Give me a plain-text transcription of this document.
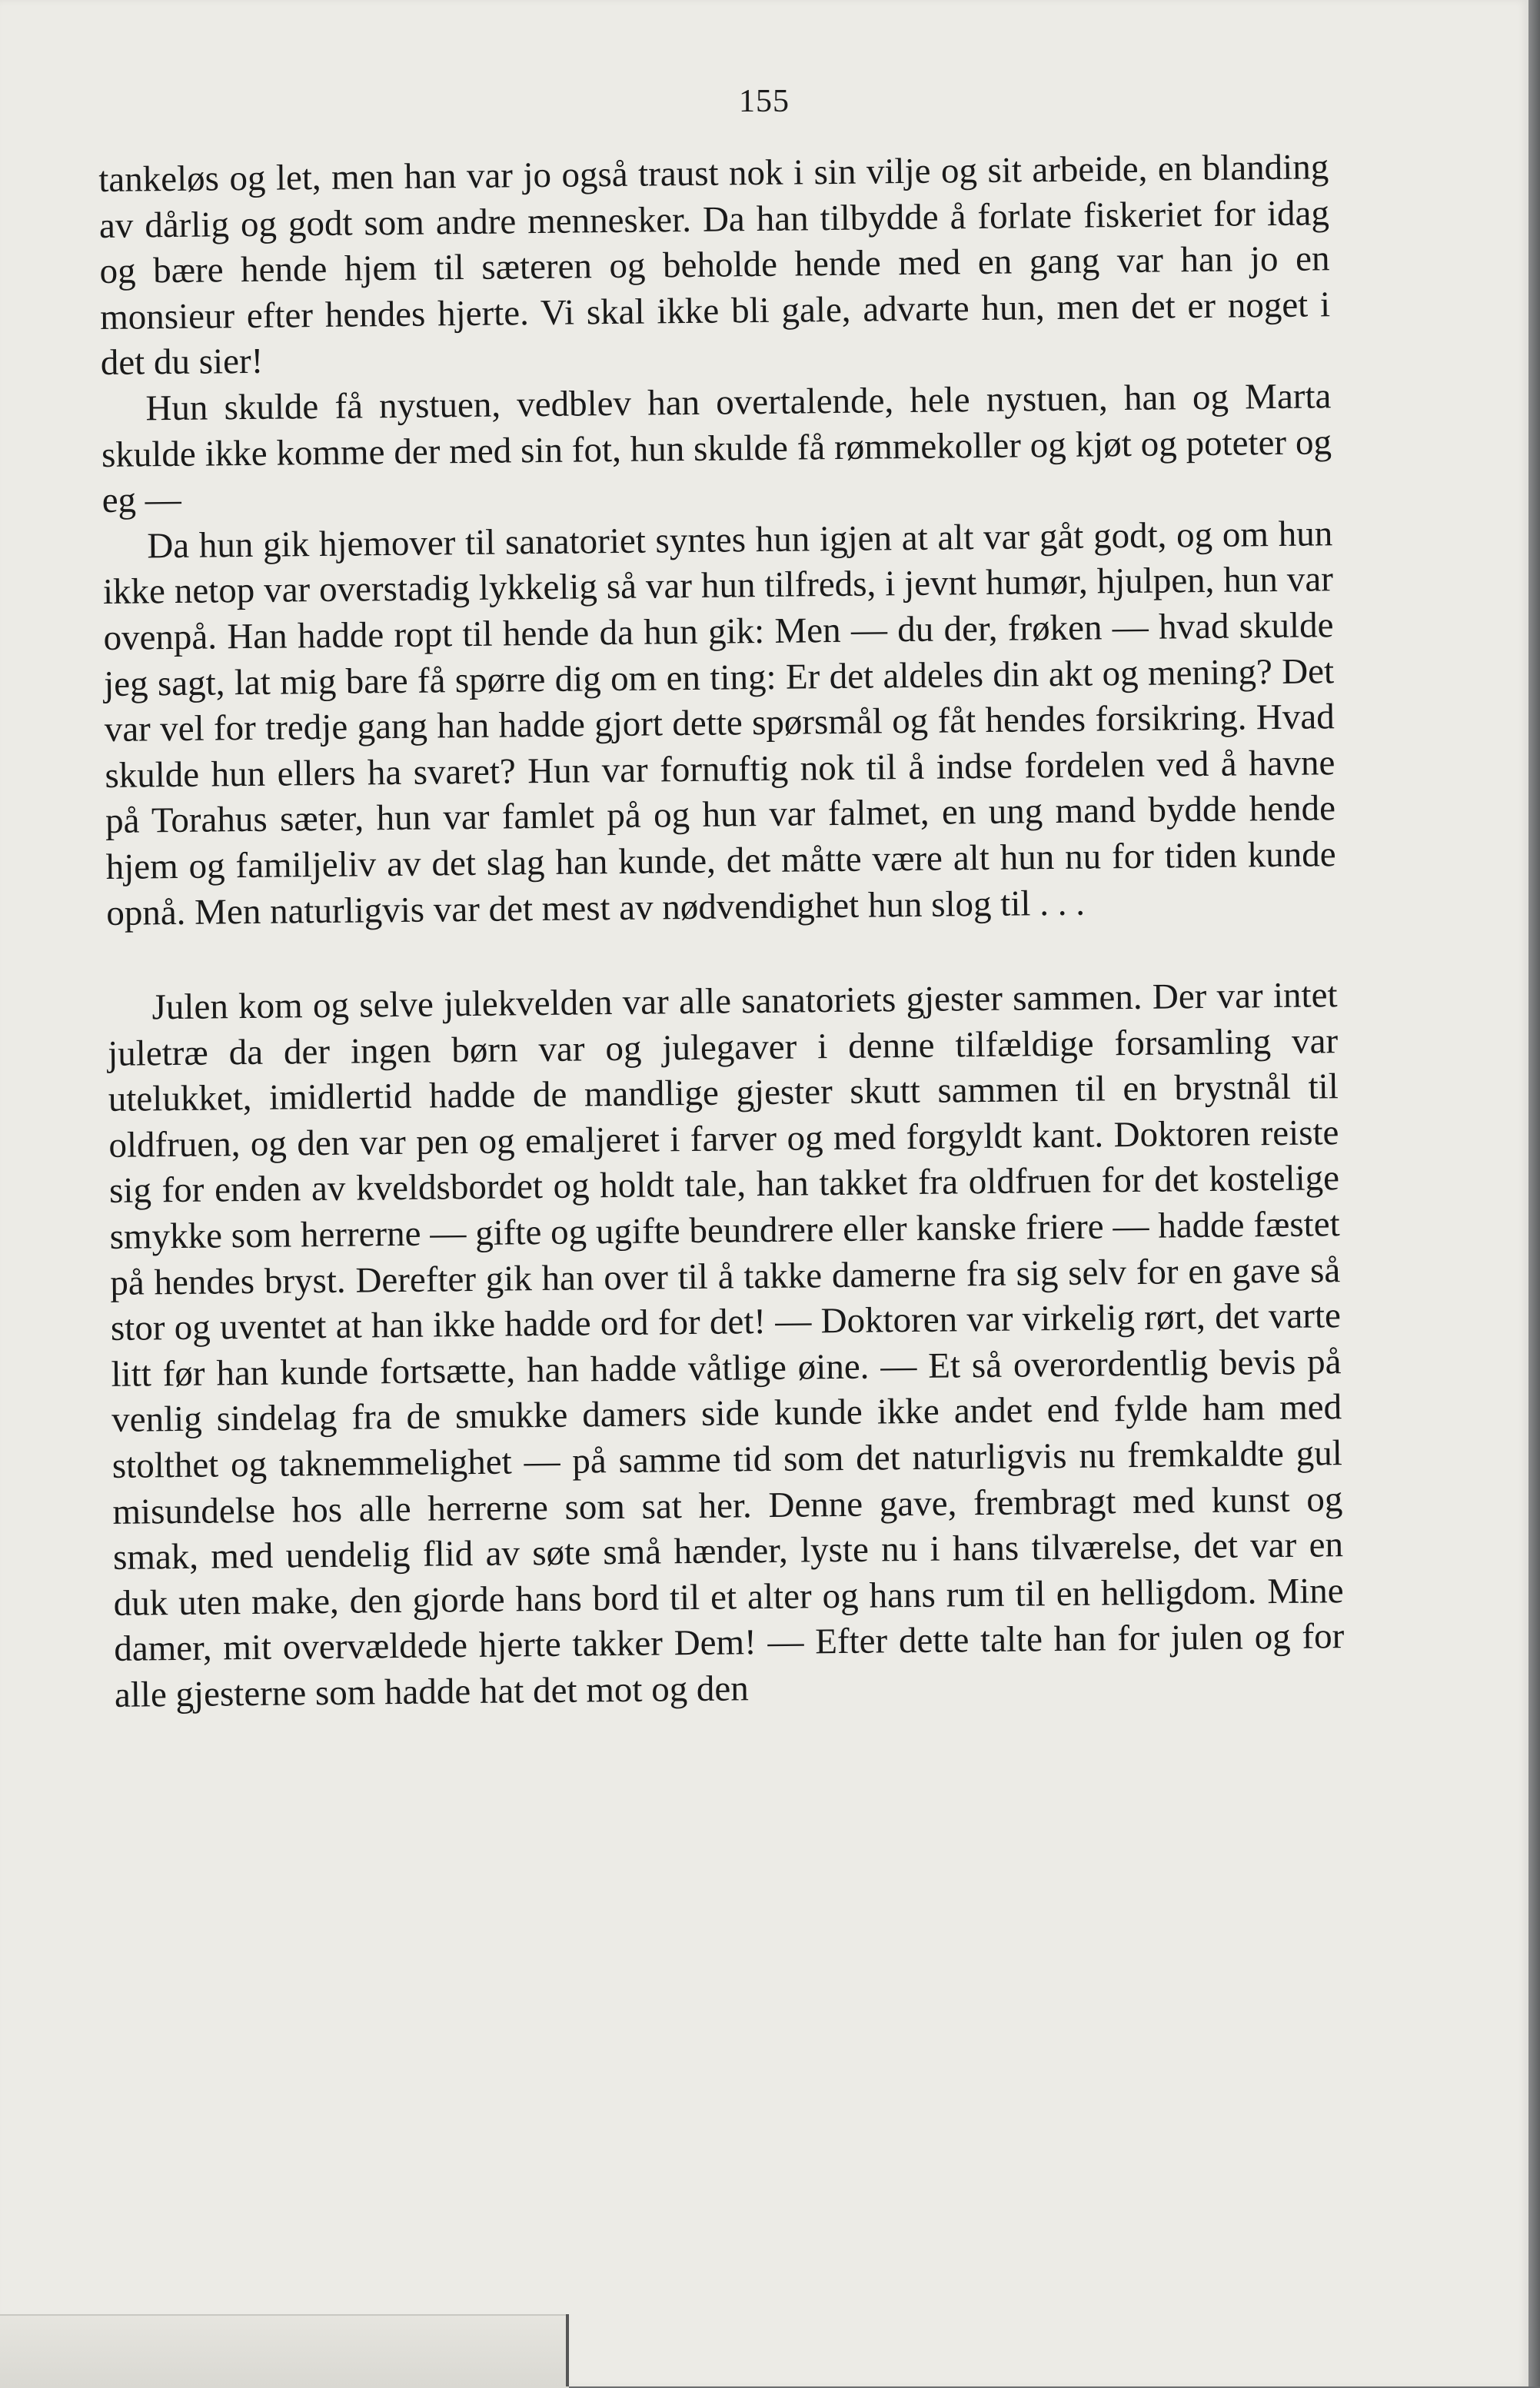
155

tankeløs og let, men han var jo også traust nok i sin vilje og sit arbeide, en blanding av dårlig og godt som andre mennesker. Da han tilbydde å forlate fiskeriet for idag og bære hende hjem til sæteren og beholde hende med en gang var han jo en monsieur efter hendes hjerte. Vi skal ikke bli gale, advarte hun, men det er noget i det du sier!

Hun skulde få nystuen, vedblev han overtalende, hele nystuen, han og Marta skulde ikke komme der med sin fot, hun skulde få rømmekoller og kjøt og poteter og eg —

Da hun gik hjemover til sanatoriet syntes hun igjen at alt var gåt godt, og om hun ikke netop var overstadig lykkelig så var hun tilfreds, i jevnt humør, hjulpen, hun var ovenpå. Han hadde ropt til hende da hun gik: Men — du der, frøken — hvad skulde jeg sagt, lat mig bare få spørre dig om en ting: Er det aldeles din akt og mening? Det var vel for tredje gang han hadde gjort dette spørsmål og fåt hendes forsikring. Hvad skulde hun ellers ha svaret? Hun var fornuftig nok til å indse fordelen ved å havne på Torahus sæter, hun var famlet på og hun var falmet, en ung mand bydde hende hjem og familjeliv av det slag han kunde, det måtte være alt hun nu for tiden kunde opnå. Men naturligvis var det mest av nødvendighet hun slog til . . .

Julen kom og selve julekvelden var alle sanatoriets gjester sammen. Der var intet juletræ da der ingen børn var og julegaver i denne tilfældige forsamling var utelukket, imidlertid hadde de mandlige gjester skutt sammen til en brystnål til oldfruen, og den var pen og emaljeret i farver og med forgyldt kant. Doktoren reiste sig for enden av kveldsbordet og holdt tale, han takket fra oldfruen for det kostelige smykke som herrerne — gifte og ugifte beundrere eller kanske friere — hadde fæstet på hendes bryst. Derefter gik han over til å takke damerne fra sig selv for en gave så stor og uventet at han ikke hadde ord for det! — Doktoren var virkelig rørt, det varte litt før han kunde fortsætte, han hadde våtlige øine. — Et så overordentlig bevis på venlig sindelag fra de smukke damers side kunde ikke andet end fylde ham med stolthet og taknemmelighet — på samme tid som det naturligvis nu fremkaldte gul misundelse hos alle herrerne som sat her. Denne gave, frembragt med kunst og smak, med uendelig flid av søte små hænder, lyste nu i hans tilværelse, det var en duk uten make, den gjorde hans bord til et alter og hans rum til en helligdom. Mine damer, mit overvældede hjerte takker Dem! — Efter dette talte han for julen og for alle gjesterne som hadde hat det mot og den
